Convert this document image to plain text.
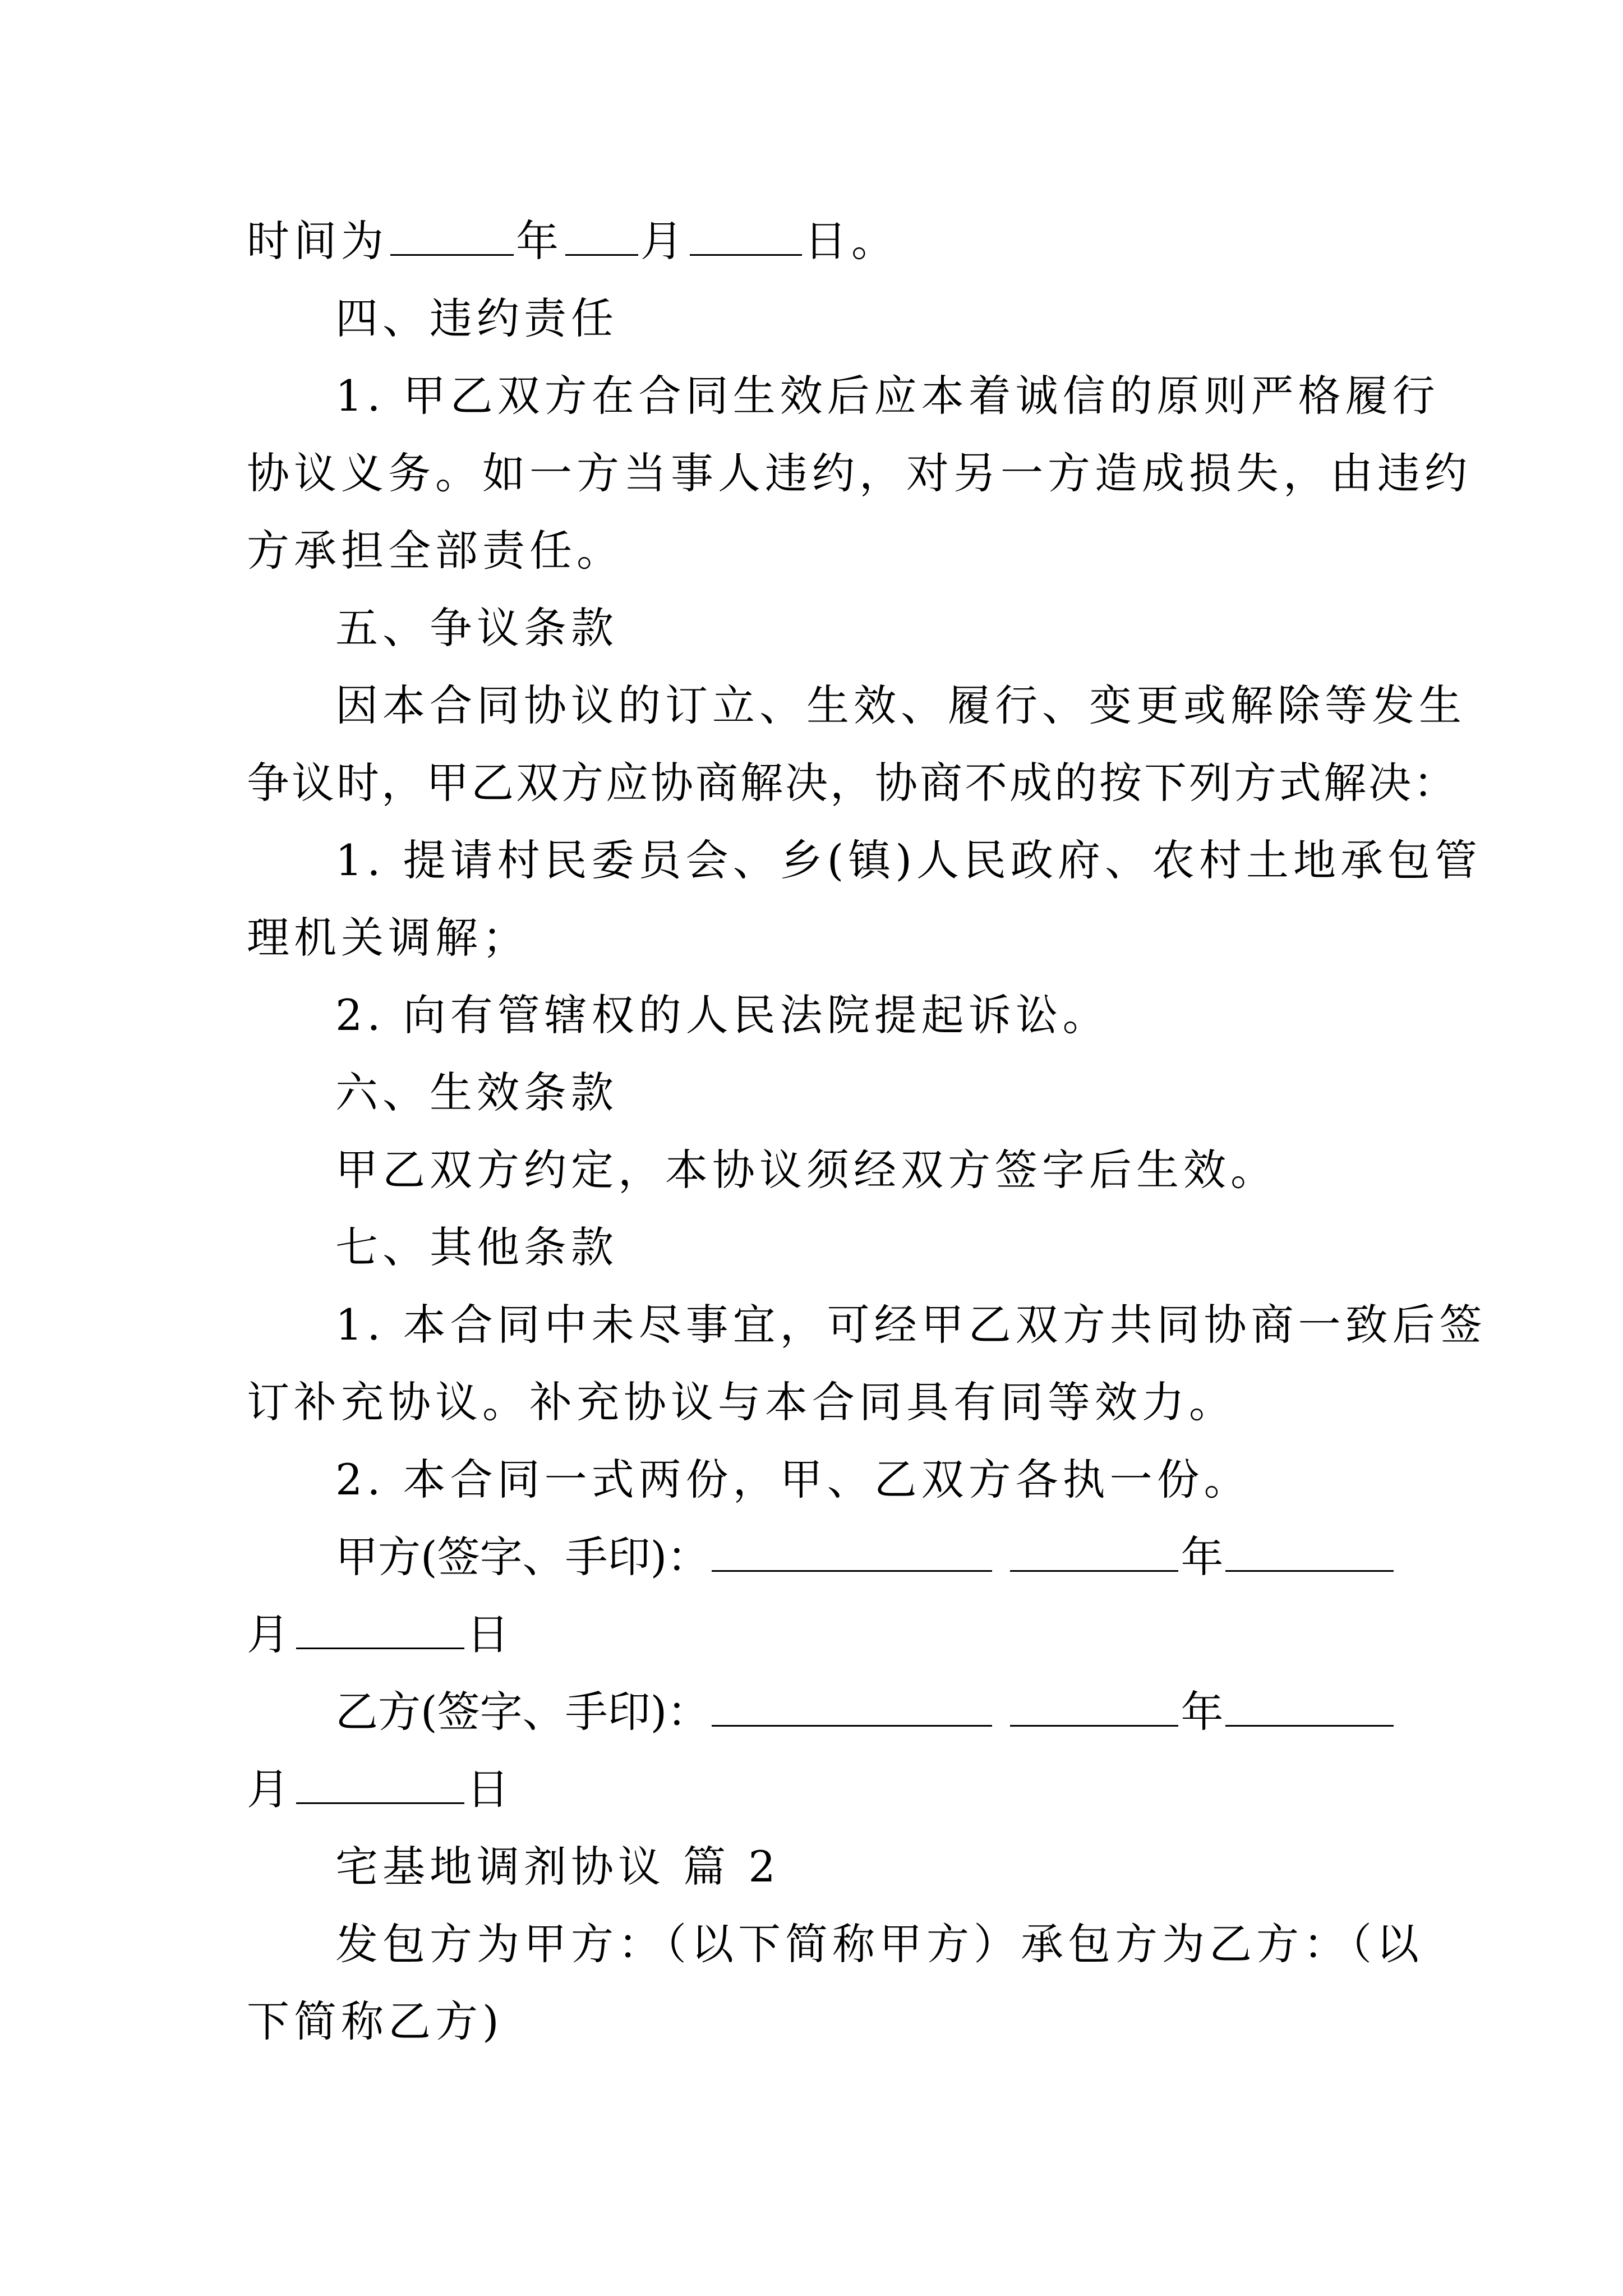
时间为	年 月	日。
四、违约责任
1. 甲乙双方在合同生效后应本着诚信的原则严格履行
协议义务。如一方当事人违约，对另一方造成损失，由违约
方承担全部责任。
五、争议条款
因本合同协议的订立、生效、履行、变更或解除等发生
争议时，甲乙双方应协商解决，协商不成的按下列方式解决：
1. 提请村民委员会、乡(镇)人民政府、农村土地承包管
理机关调解；
2. 向有管辖权的人民法院提起诉讼。
六、生效条款
甲乙双方约定，本协议须经双方签字后生效。
七、其他条款
1. 本合同中未尽事宜，可经甲乙双方共同协商一致后签
订补充协议。补充协议与本合同具有同等效力。
2. 本合同一式两份，甲、乙双方各执一份。
甲方(签字、手印)：	年
月	日
乙方(签字、手印)：	年
月	日
宅基地调剂协议 篇 2
发包方为甲方：（以下简称甲方）承包方为乙方：（以
下简称乙方)
